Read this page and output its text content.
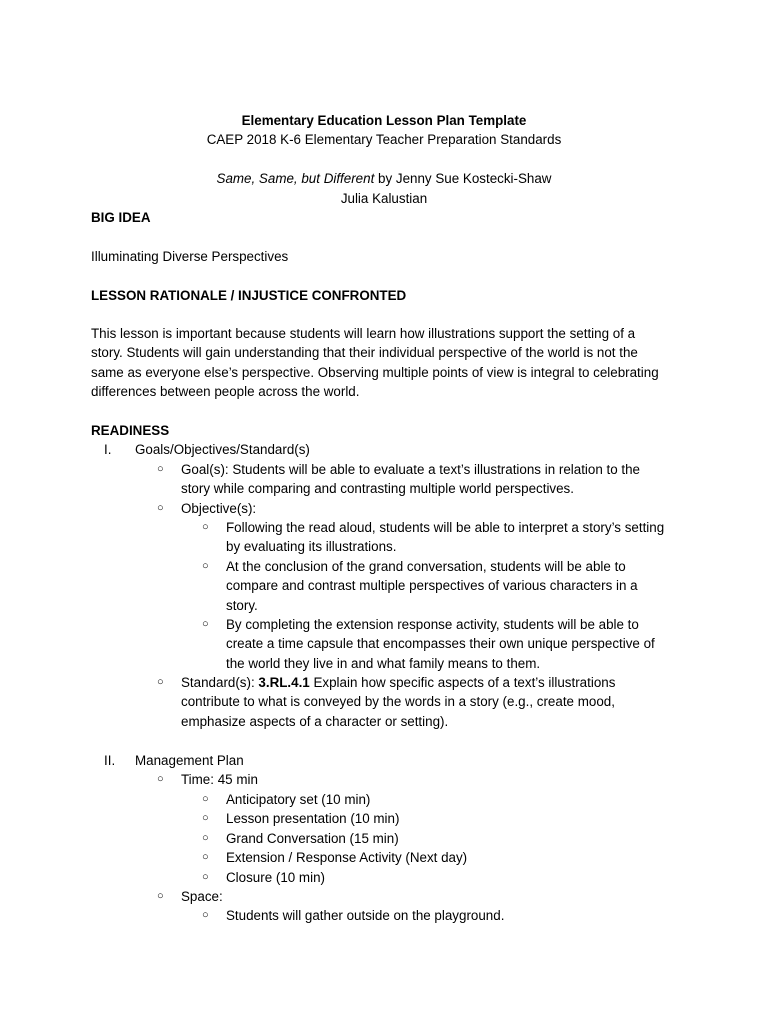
Elementary Education Lesson Plan Template
CAEP 2018 K-6 Elementary Teacher Preparation Standards
Same, Same, but Different by Jenny Sue Kostecki-Shaw
Julia Kalustian
BIG IDEA
Illuminating Diverse Perspectives
LESSON RATIONALE / INJUSTICE CONFRONTED
This lesson is important because students will learn how illustrations support the setting of a
story. Students will gain understanding that their individual perspective of the world is not the
same as everyone else’s perspective. Observing multiple points of view is integral to celebrating
differences between people across the world.
READINESS
I. Goals/Objectives/Standard(s)
○ Goal(s): Students will be able to evaluate a text’s illustrations in relation to the
story while comparing and contrasting multiple world perspectives.
○ Objective(s):
○ Following the read aloud, students will be able to interpret a story’s setting
by evaluating its illustrations.
○ At the conclusion of the grand conversation, students will be able to
compare and contrast multiple perspectives of various characters in a
story.
○ By completing the extension response activity, students will be able to
create a time capsule that encompasses their own unique perspective of
the world they live in and what family means to them.
○ Standard(s): 3.RL.4.1 Explain how specific aspects of a text’s illustrations
contribute to what is conveyed by the words in a story (e.g., create mood,
emphasize aspects of a character or setting).
II. Management Plan
○ Time: 45 min
○ Anticipatory set (10 min)
○ Lesson presentation (10 min)
○ Grand Conversation (15 min)
○ Extension / Response Activity (Next day)
○ Closure (10 min)
○ Space:
○ Students will gather outside on the playground.
